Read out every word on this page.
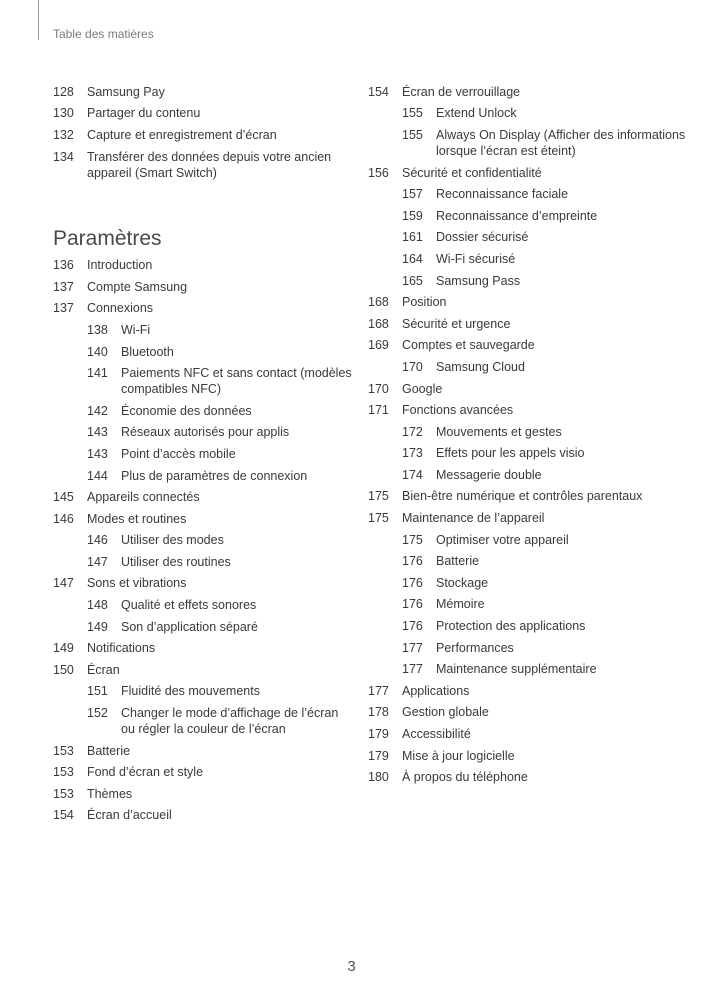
Table des matières
128	Samsung Pay
130	Partager du contenu
132	Capture et enregistrement d’écran
134	Transférer des données depuis votre ancien appareil (Smart Switch)
Paramètres
136	Introduction
137	Compte Samsung
137	Connexions
138	Wi-Fi
140	Bluetooth
141	Paiements NFC et sans contact (modèles compatibles NFC)
142	Économie des données
143	Réseaux autorisés pour applis
143	Point d’accès mobile
144	Plus de paramètres de connexion
145	Appareils connectés
146	Modes et routines
146	Utiliser des modes
147	Utiliser des routines
147	Sons et vibrations
148	Qualité et effets sonores
149	Son d’application séparé
149	Notifications
150	Écran
151	Fluidité des mouvements
152	Changer le mode d’affichage de l’écran ou régler la couleur de l’écran
153	Batterie
153	Fond d’écran et style
153	Thèmes
154	Écran d’accueil
154	Écran de verrouillage
155	Extend Unlock
155	Always On Display (Afficher des informations lorsque l’écran est éteint)
156	Sécurité et confidentialité
157	Reconnaissance faciale
159	Reconnaissance d’empreinte
161	Dossier sécurisé
164	Wi-Fi sécurisé
165	Samsung Pass
168	Position
168	Sécurité et urgence
169	Comptes et sauvegarde
170	Samsung Cloud
170	Google
171	Fonctions avancées
172	Mouvements et gestes
173	Effets pour les appels visio
174	Messagerie double
175	Bien-être numérique et contrôles parentaux
175	Maintenance de l’appareil
175	Optimiser votre appareil
176	Batterie
176	Stockage
176	Mémoire
176	Protection des applications
177	Performances
177	Maintenance supplémentaire
177	Applications
178	Gestion globale
179	Accessibilité
179	Mise à jour logicielle
180	À propos du téléphone
3
